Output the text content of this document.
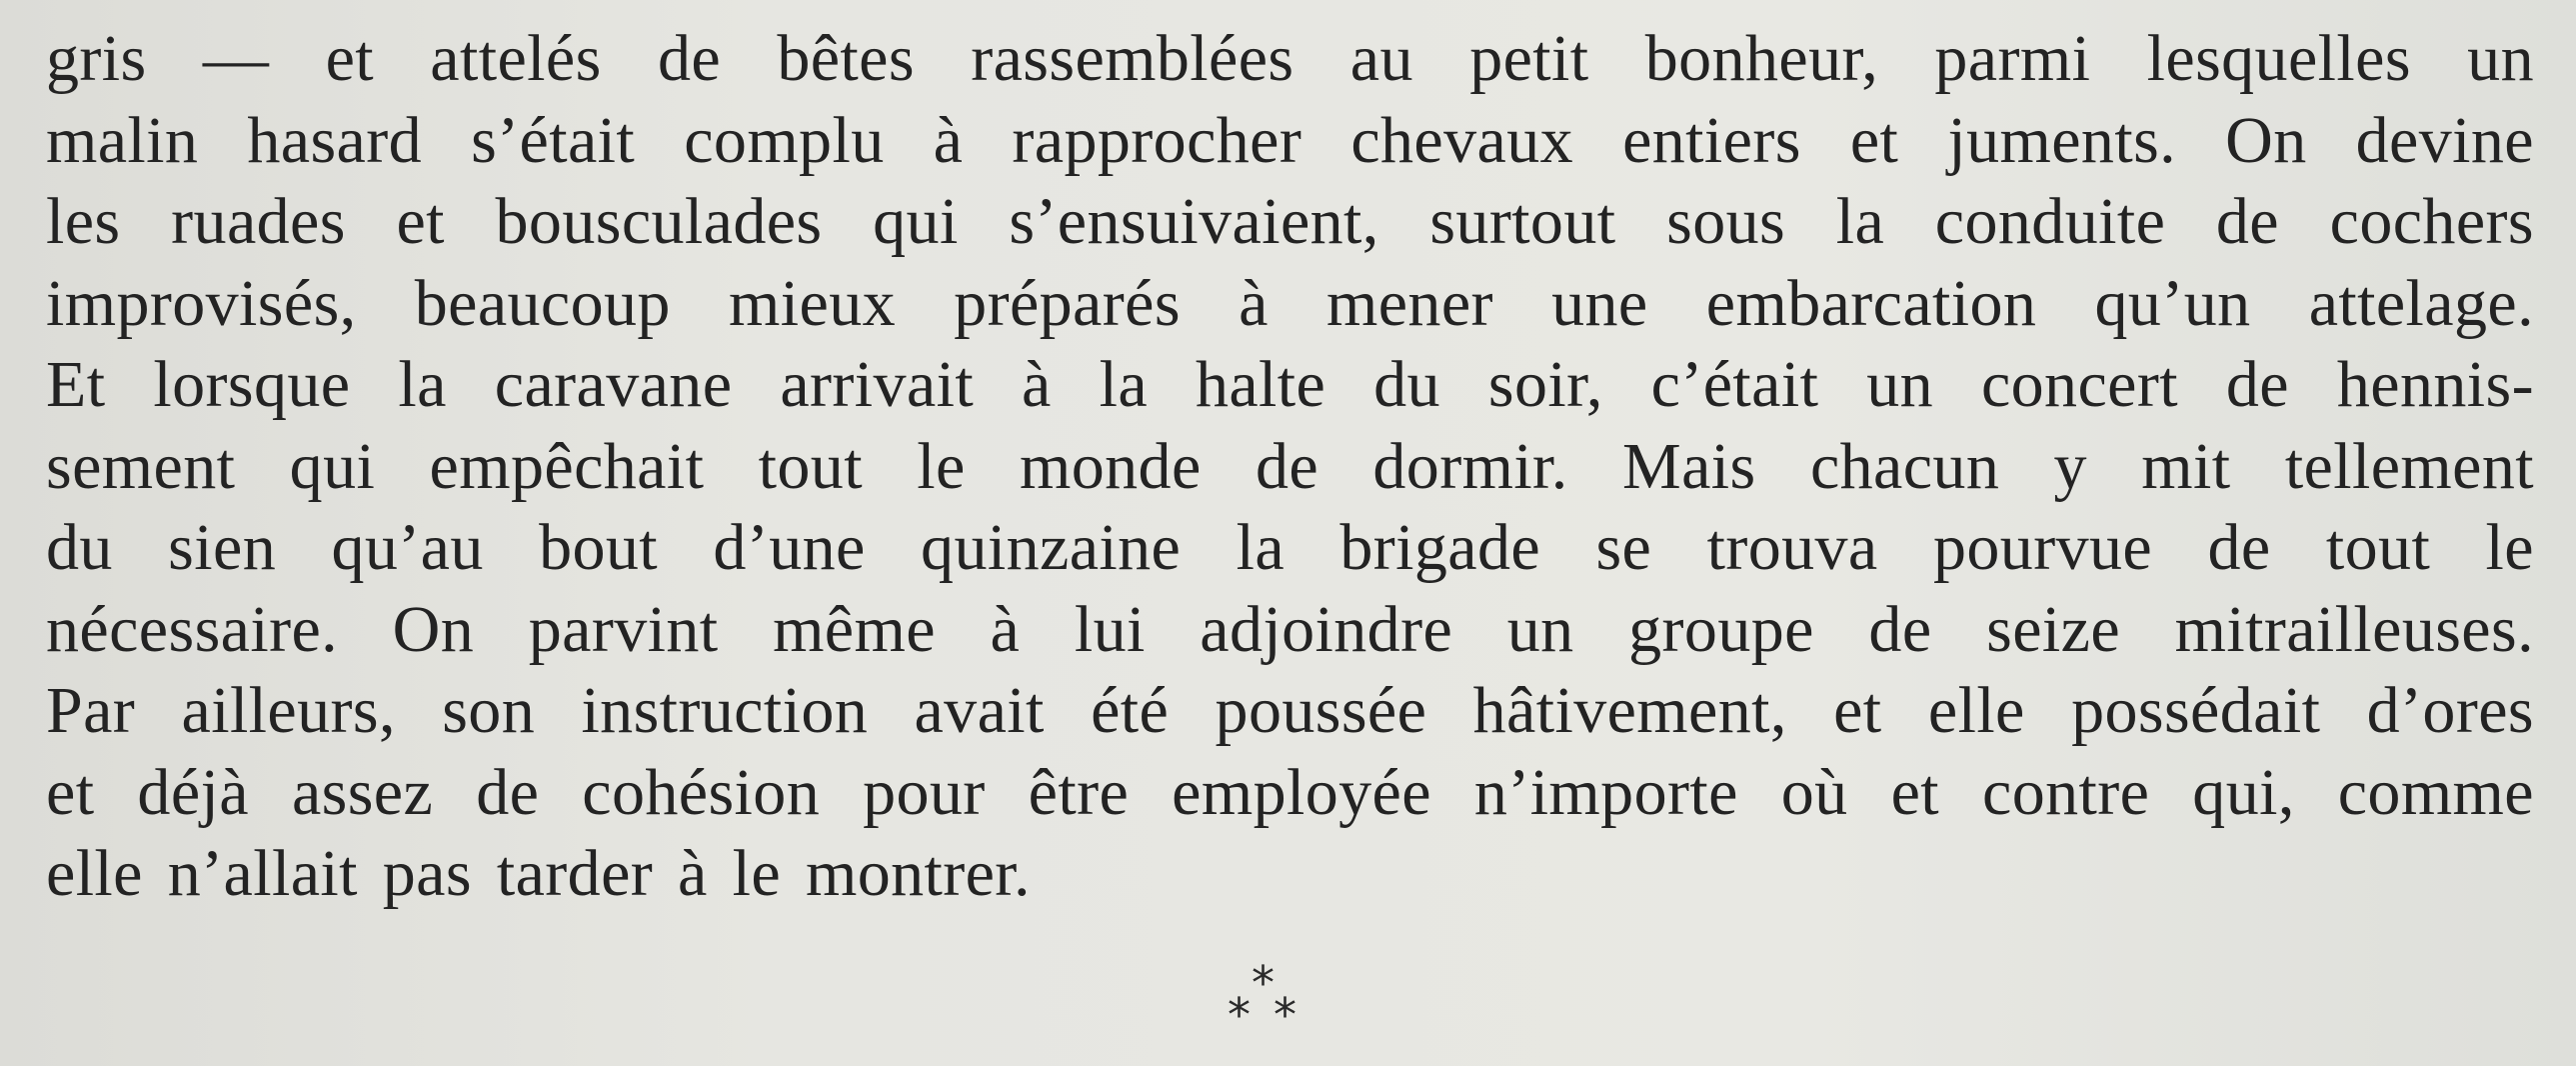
gris — et attelés de bêtes rassemblées au petit bonheur, parmi lesquelles un
malin hasard s’était complu à rapprocher chevaux entiers et juments. On devine
les ruades et bousculades qui s’ensuivaient, surtout sous la conduite de cochers
improvisés, beaucoup mieux préparés à mener une embarcation qu’un attelage.
Et lorsque la caravane arrivait à la halte du soir, c’était un concert de hennis-
sement qui empêchait tout le monde de dormir. Mais chacun y mit tellement
du sien qu’au bout d’une quinzaine la brigade se trouva pourvue de tout le
nécessaire. On parvint même à lui adjoindre un groupe de seize mitrailleuses.
Par ailleurs, son instruction avait été poussée hâtivement, et elle possédait d’ores
et déjà assez de cohésion pour être employée n’importe où et contre qui, comme
elle n’allait pas tarder à le montrer.
*
* *
